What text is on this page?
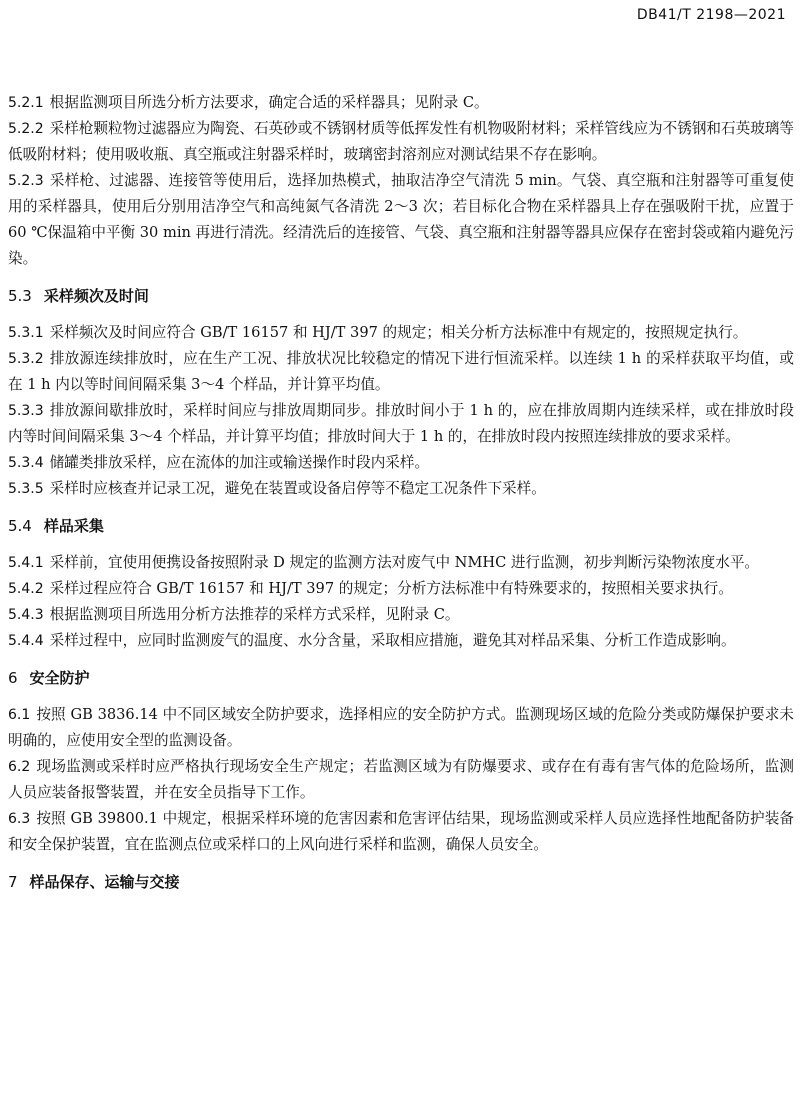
DB41/T 2198—2021

5.2.1 根据监测项目所选分析方法要求，确定合适的采样器具；见附录 C。

5.2.2 采样枪颗粒物过滤器应为陶瓷、石英砂或不锈钢材质等低挥发性有机物吸附材料；采样管线应为不锈钢和石英玻璃等低吸附材料；使用吸收瓶、真空瓶或注射器采样时，玻璃密封溶剂应对测试结果不存在影响。

5.2.3 采样枪、过滤器、连接管等使用后，选择加热模式，抽取洁净空气清洗 5 min。气袋、真空瓶和注射器等可重复使用的采样器具，使用后分别用洁净空气和高纯氮气各清洗 2～3 次；若目标化合物在采样器具上存在强吸附干扰，应置于 60 ℃保温箱中平衡 30 min 再进行清洗。经清洗后的连接管、气袋、真空瓶和注射器等器具应保存在密封袋或箱内避免污染。

5.3 采样频次及时间

5.3.1 采样频次及时间应符合 GB/T 16157 和 HJ/T 397 的规定；相关分析方法标准中有规定的，按照规定执行。

5.3.2 排放源连续排放时，应在生产工况、排放状况比较稳定的情况下进行恒流采样。以连续 1 h 的采样获取平均值，或在 1 h 内以等时间间隔采集 3～4 个样品，并计算平均值。

5.3.3 排放源间歇排放时，采样时间应与排放周期同步。排放时间小于 1 h 的，应在排放周期内连续采样，或在排放时段内等时间间隔采集 3～4 个样品，并计算平均值；排放时间大于 1 h 的，在排放时段内按照连续排放的要求采样。

5.3.4 储罐类排放采样，应在流体的加注或输送操作时段内采样。

5.3.5 采样时应核查并记录工况，避免在装置或设备启停等不稳定工况条件下采样。

5.4 样品采集

5.4.1 采样前，宜使用便携设备按照附录 D 规定的监测方法对废气中 NMHC 进行监测，初步判断污染物浓度水平。

5.4.2 采样过程应符合 GB/T 16157 和 HJ/T 397 的规定；分析方法标准中有特殊要求的，按照相关要求执行。

5.4.3 根据监测项目所选用分析方法推荐的采样方式采样，见附录 C。

5.4.4 采样过程中，应同时监测废气的温度、水分含量，采取相应措施，避免其对样品采集、分析工作造成影响。

6 安全防护

6.1 按照 GB 3836.14 中不同区域安全防护要求，选择相应的安全防护方式。监测现场区域的危险分类或防爆保护要求未明确的，应使用安全型的监测设备。

6.2 现场监测或采样时应严格执行现场安全生产规定；若监测区域为有防爆要求、或存在有毒有害气体的危险场所，监测人员应装备报警装置，并在安全员指导下工作。

6.3 按照 GB 39800.1 中规定，根据采样环境的危害因素和危害评估结果，现场监测或采样人员应选择性地配备防护装备和安全保护装置，宜在监测点位或采样口的上风向进行采样和监测，确保人员安全。

7 样品保存、运输与交接
